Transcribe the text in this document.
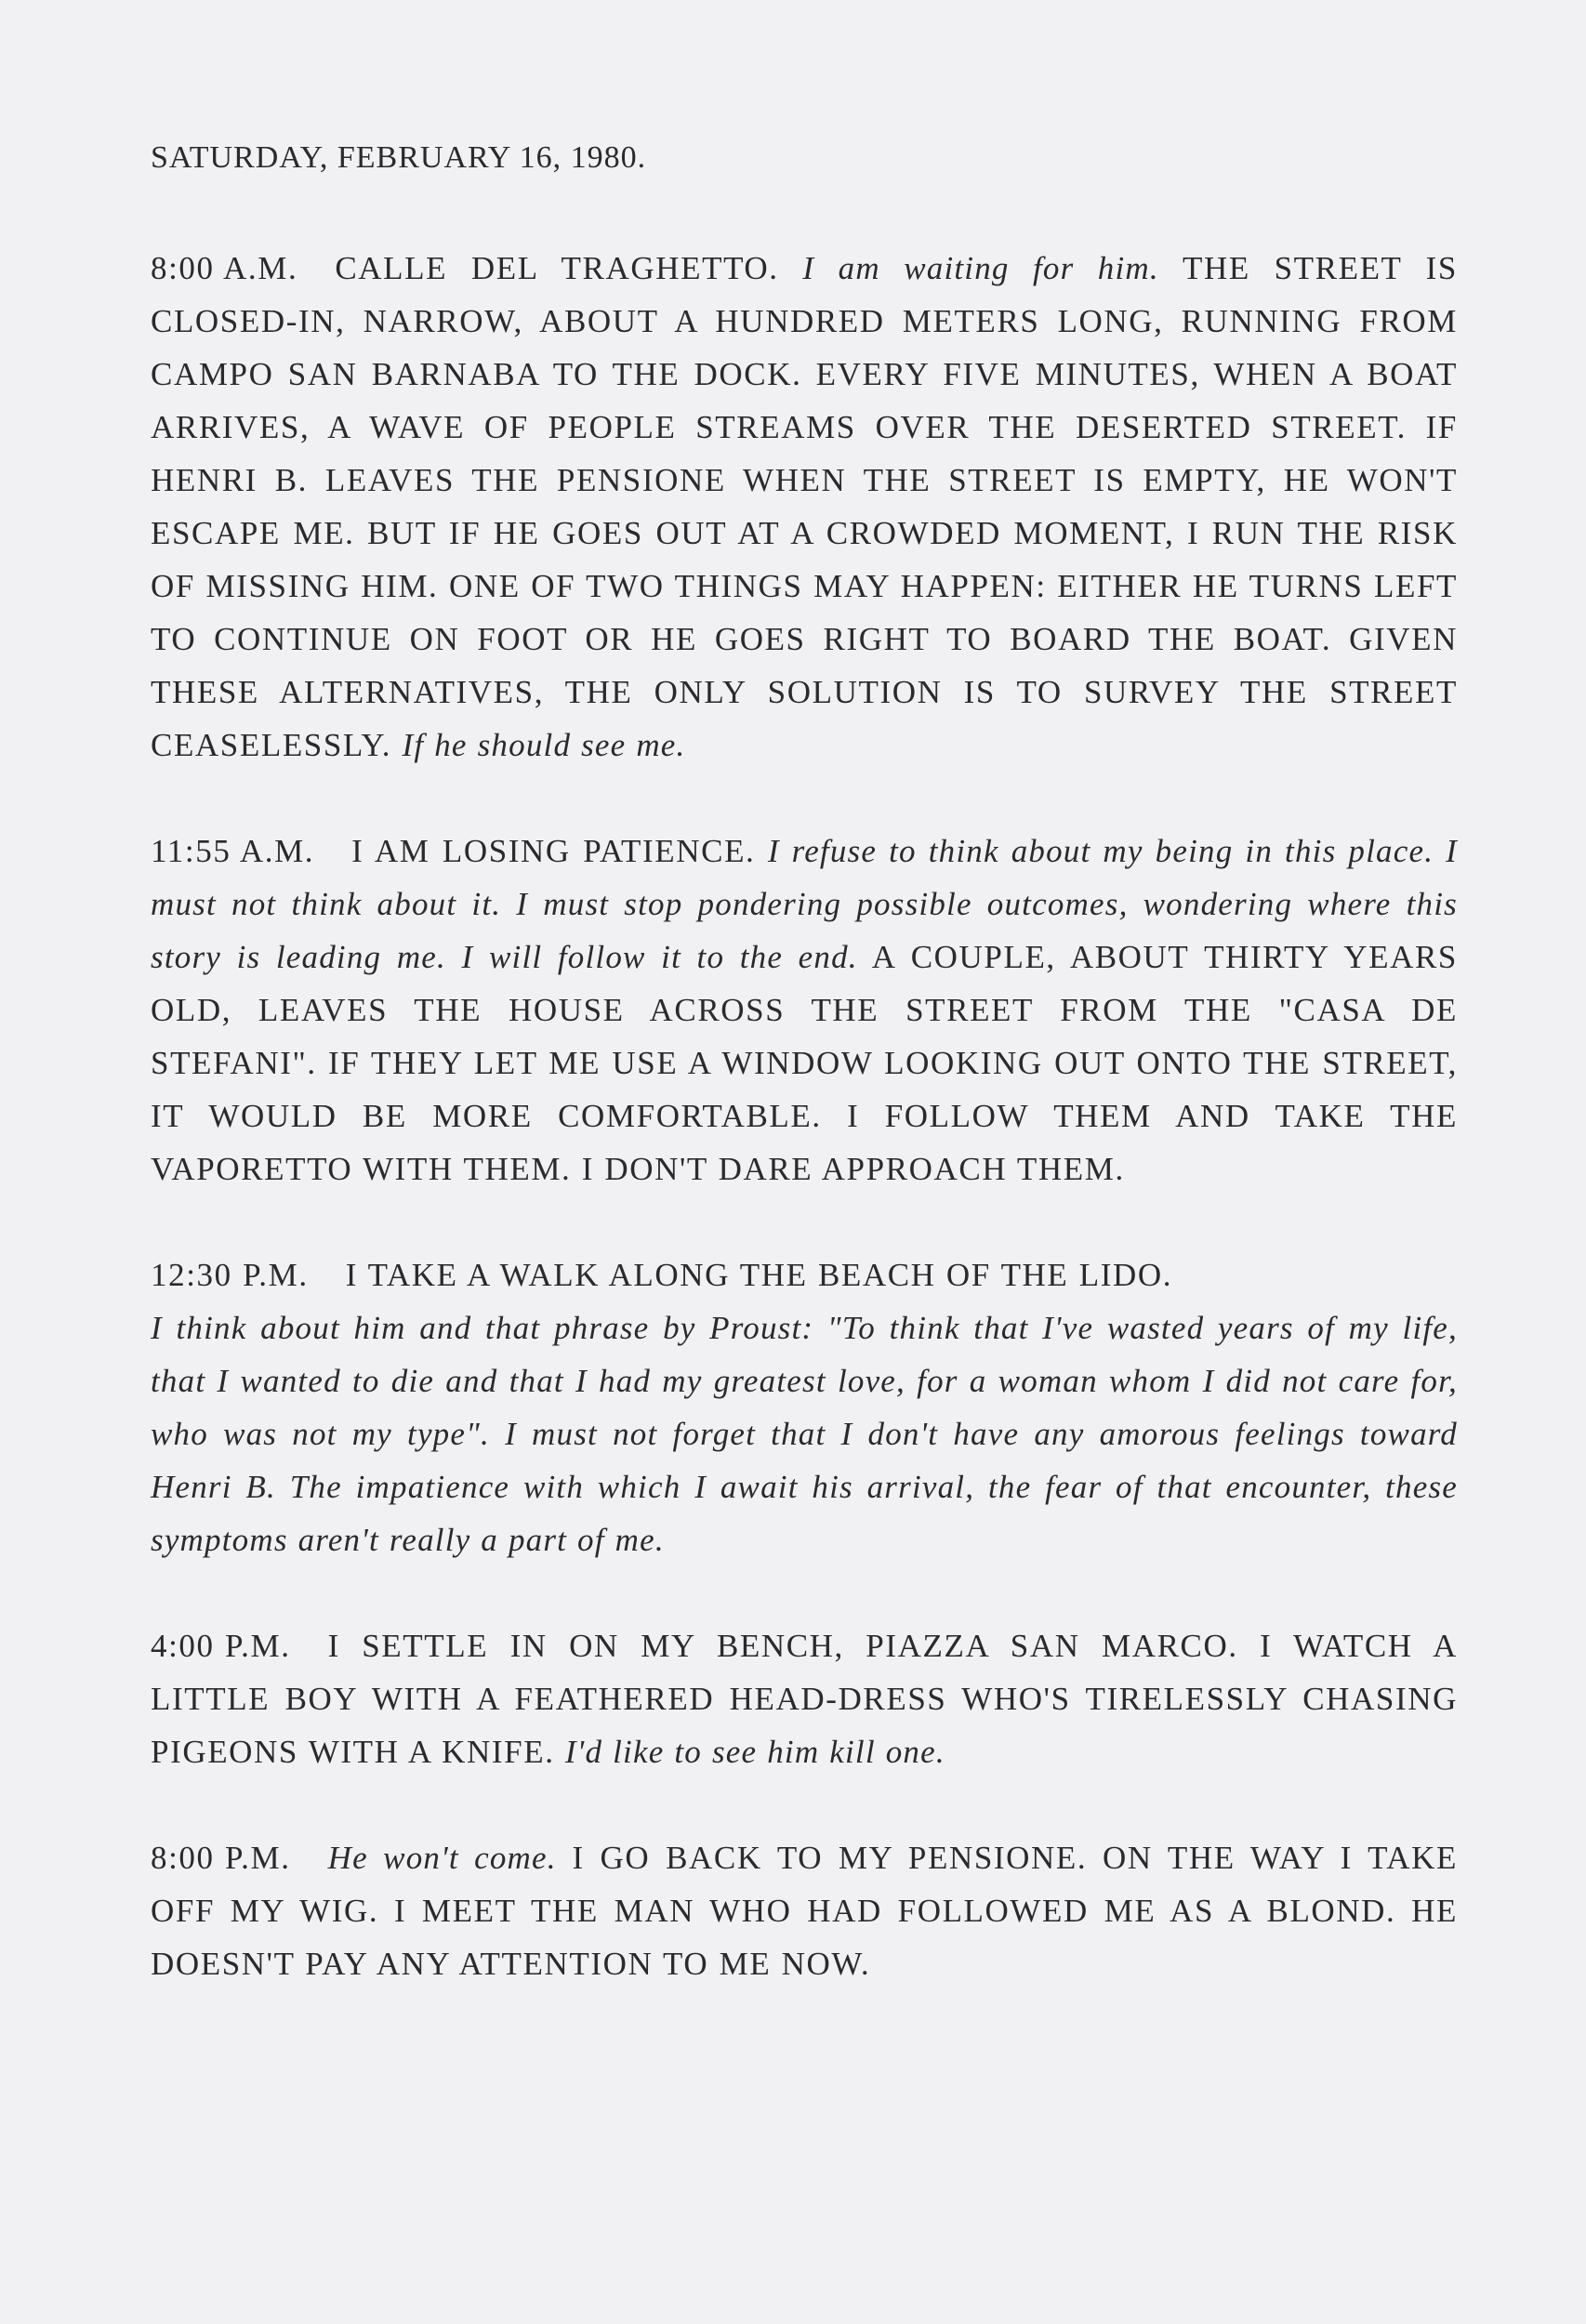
SATURDAY, FEBRUARY 16, 1980.

8:00 A.M. CALLE DEL TRAGHETTO. I am waiting for him. THE STREET IS CLOSED-IN, NARROW, ABOUT A HUNDRED METERS LONG, RUNNING FROM CAMPO SAN BARNABA TO THE DOCK. EVERY FIVE MINUTES, WHEN A BOAT ARRIVES, A WAVE OF PEOPLE STREAMS OVER THE DESERTED STREET. IF HENRI B. LEAVES THE PENSIONE WHEN THE STREET IS EMPTY, HE WON'T ESCAPE ME. BUT IF HE GOES OUT AT A CROWDED MOMENT, I RUN THE RISK OF MISSING HIM. ONE OF TWO THINGS MAY HAPPEN: EITHER HE TURNS LEFT TO CONTINUE ON FOOT OR HE GOES RIGHT TO BOARD THE BOAT. GIVEN THESE ALTERNATIVES, THE ONLY SOLUTION IS TO SURVEY THE STREET CEASELESSLY. If he should see me.

11:55 A.M. I AM LOSING PATIENCE. I refuse to think about my being in this place. I must not think about it. I must stop pondering possible outcomes, wondering where this story is leading me. I will follow it to the end. A COUPLE, ABOUT THIRTY YEARS OLD, LEAVES THE HOUSE ACROSS THE STREET FROM THE "CASA DE STEFANI". IF THEY LET ME USE A WINDOW LOOKING OUT ONTO THE STREET, IT WOULD BE MORE COMFORTABLE. I FOLLOW THEM AND TAKE THE VAPORETTO WITH THEM. I DON'T DARE APPROACH THEM.

12:30 P.M. I TAKE A WALK ALONG THE BEACH OF THE LIDO.
I think about him and that phrase by Proust: "To think that I've wasted years of my life, that I wanted to die and that I had my greatest love, for a woman whom I did not care for, who was not my type". I must not forget that I don't have any amorous feelings toward Henri B. The impatience with which I await his arrival, the fear of that encounter, these symptoms aren't really a part of me.

4:00 P.M. I SETTLE IN ON MY BENCH, PIAZZA SAN MARCO. I WATCH A LITTLE BOY WITH A FEATHERED HEAD-DRESS WHO'S TIRELESSLY CHASING PIGEONS WITH A KNIFE. I'd like to see him kill one.

8:00 P.M. He won't come. I GO BACK TO MY PENSIONE. ON THE WAY I TAKE OFF MY WIG. I MEET THE MAN WHO HAD FOLLOWED ME AS A BLOND. HE DOESN'T PAY ANY ATTENTION TO ME NOW.
